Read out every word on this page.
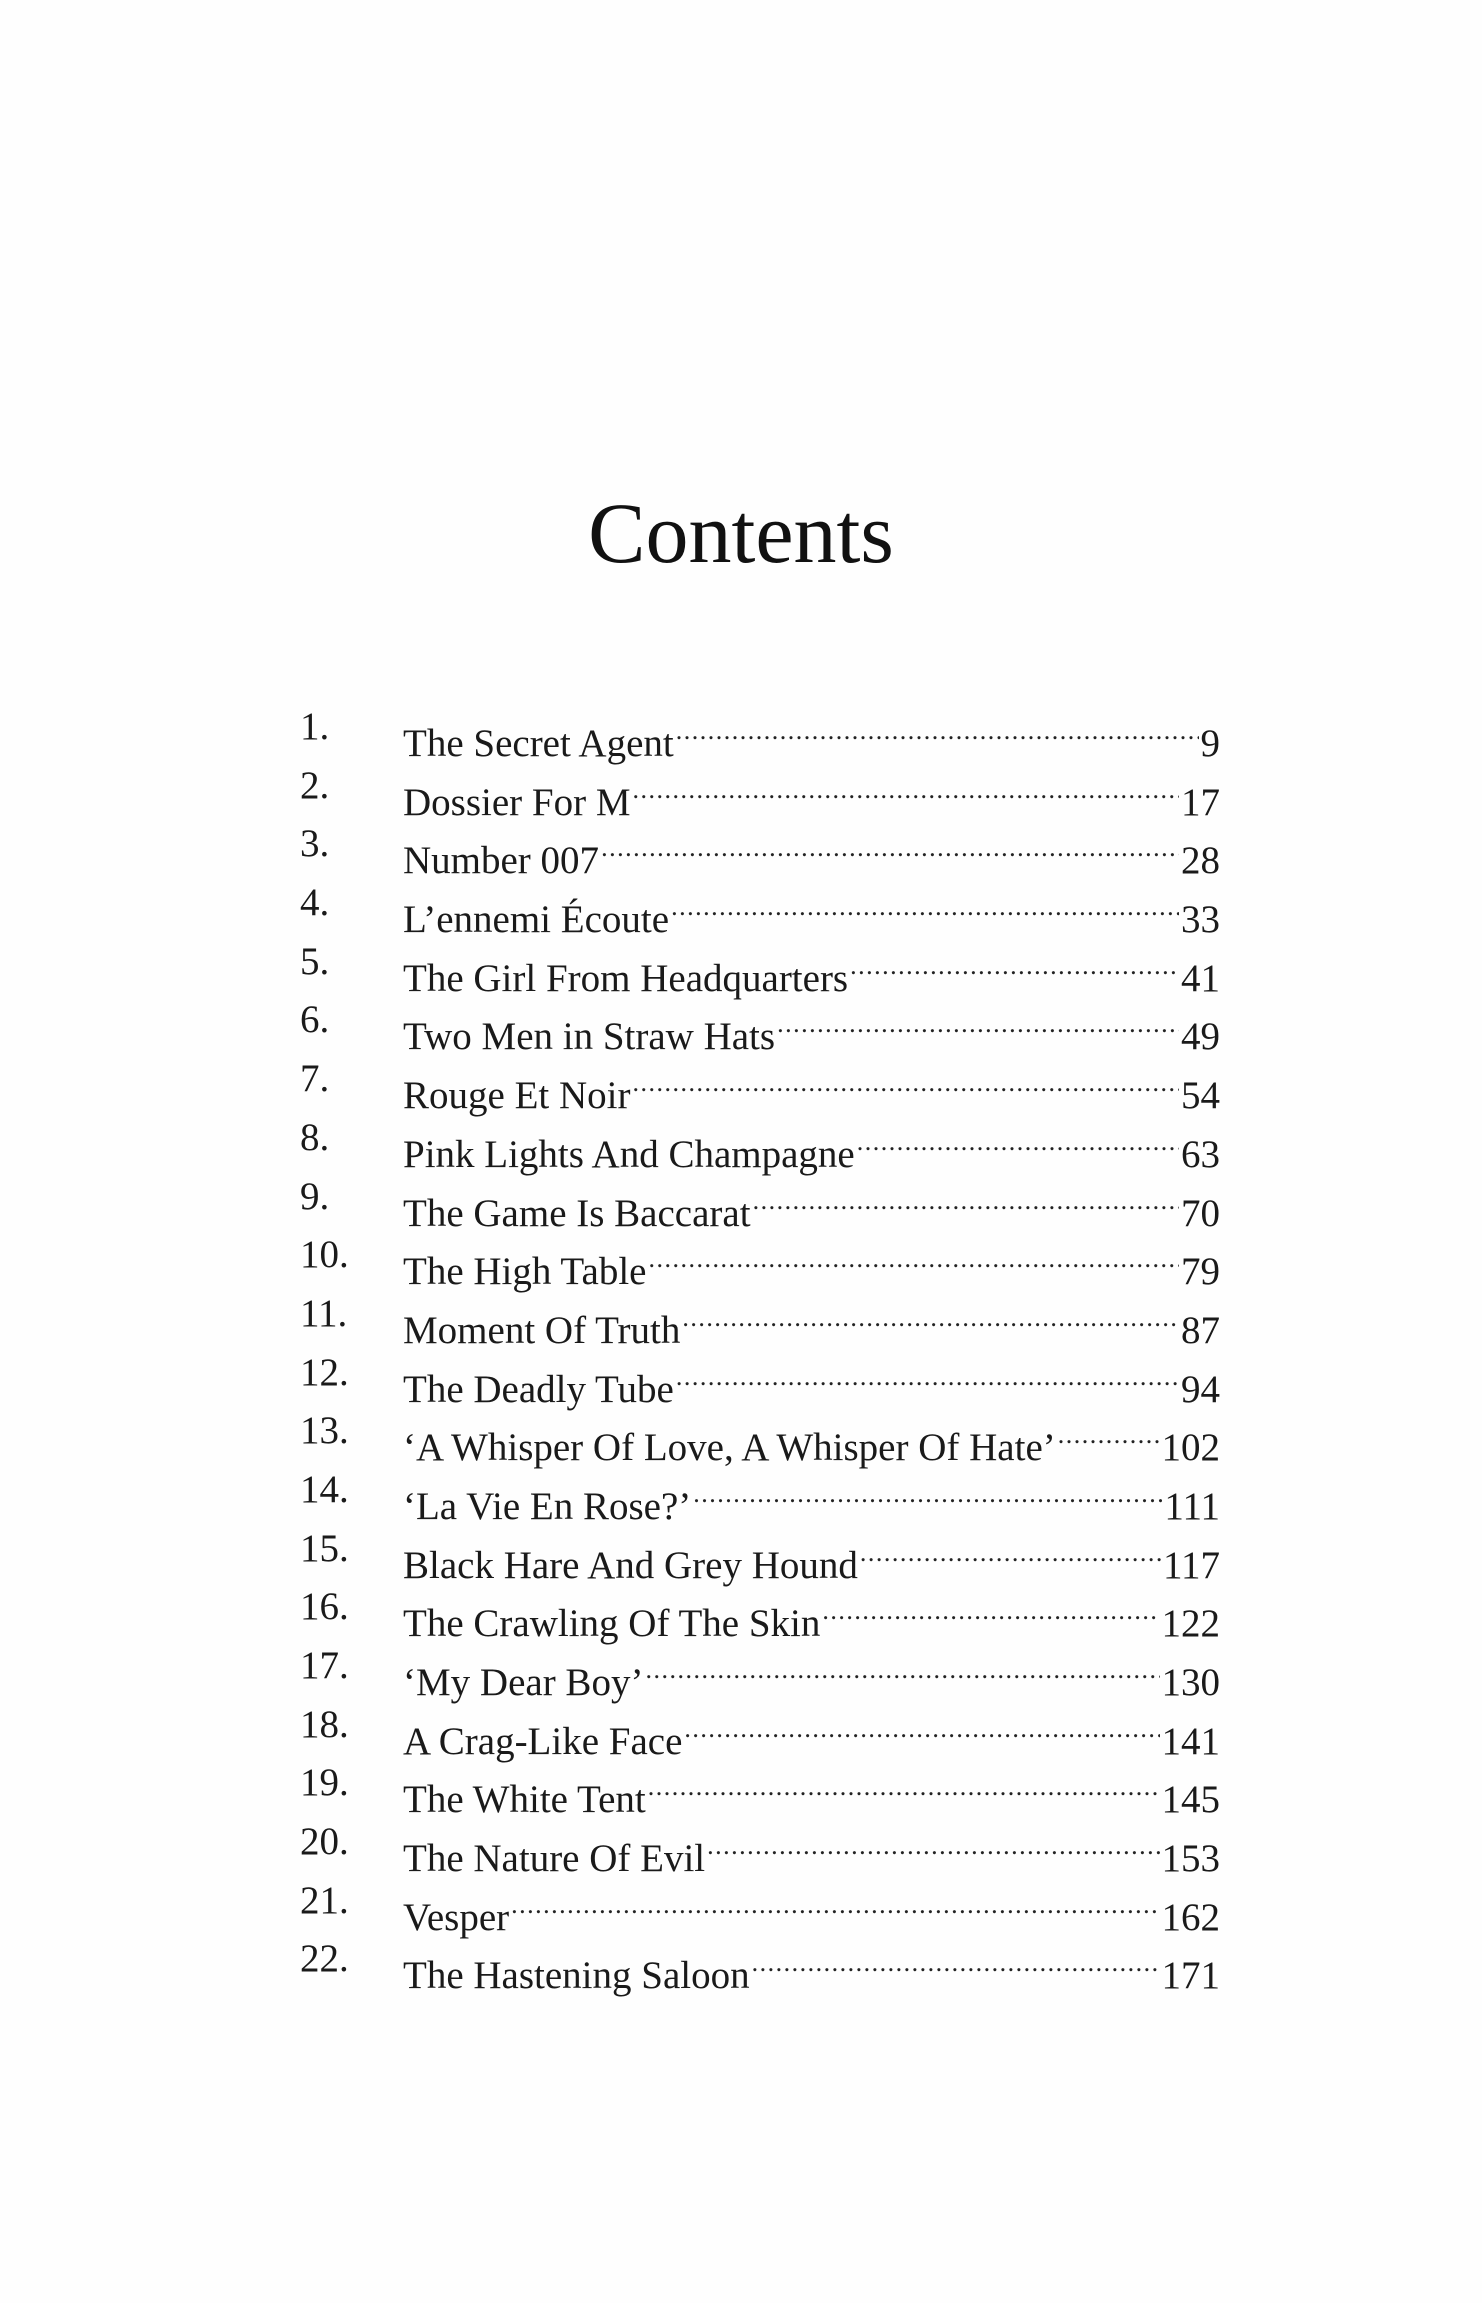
Contents
1.	The Secret Agent .....	9
2.	Dossier For M .....	17
3.	Number 007 .....	28
4.	L’ennemi Écoute .....	33
5.	The Girl From Headquarters .....	41
6.	Two Men in Straw Hats .....	49
7.	Rouge Et Noir .....	54
8.	Pink Lights And Champagne .....	63
9.	The Game Is Baccarat .....	70
10.	The High Table .....	79
11.	Moment Of Truth .....	87
12.	The Deadly Tube .....	94
13.	‘A Whisper Of Love, A Whisper Of Hate’ .....	102
14.	‘La Vie En Rose?’ .....	111
15.	Black Hare And Grey Hound .....	117
16.	The Crawling Of The Skin .....	122
17.	‘My Dear Boy’ .....	130
18.	A Crag-Like Face .....	141
19.	The White Tent .....	145
20.	The Nature Of Evil .....	153
21.	Vesper .....	162
22.	The Hastening Saloon .....	171
